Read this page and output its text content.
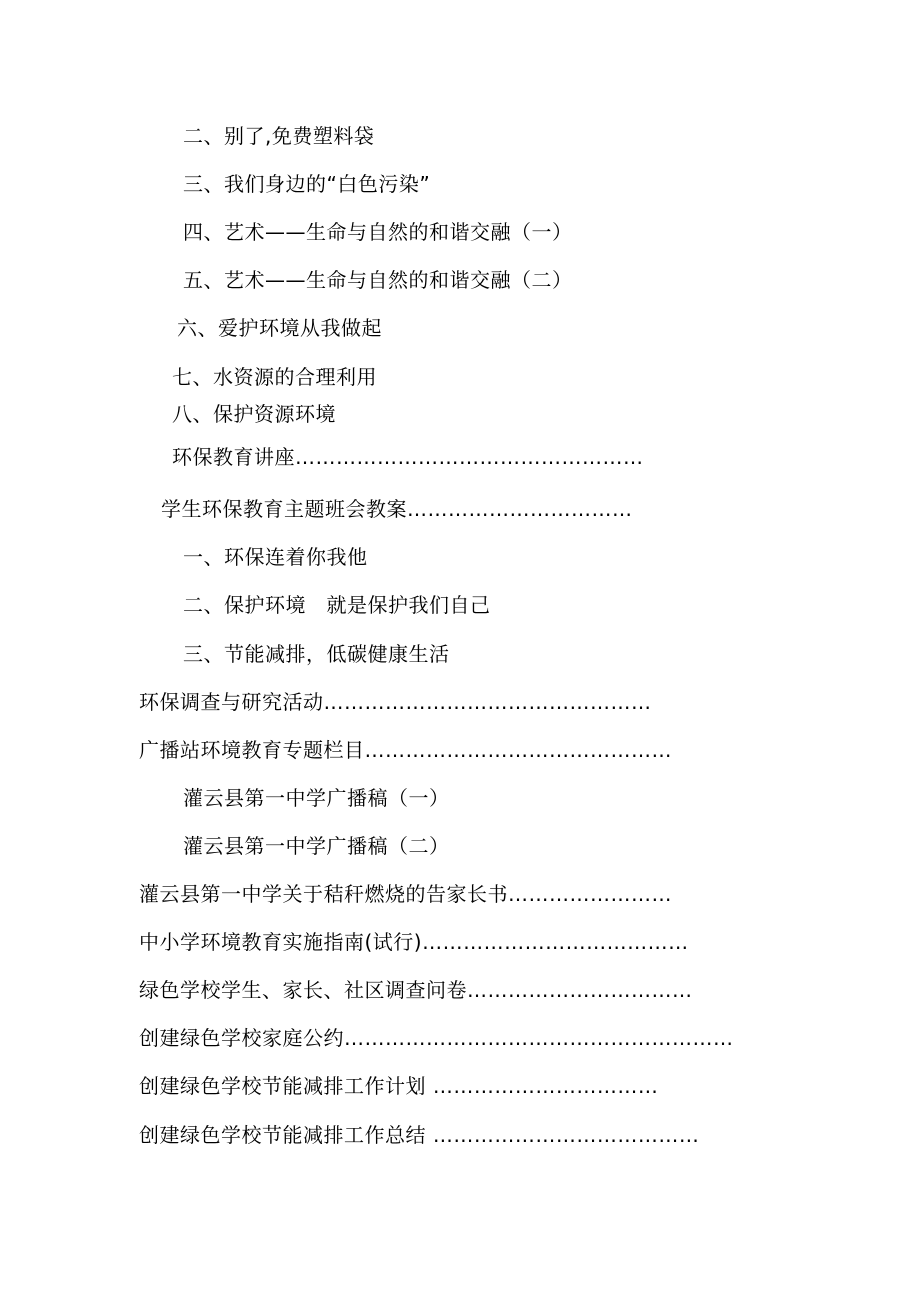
二、别了,免费塑料袋
三、我们身边的“白色污染”
四、艺术——生命与自然的和谐交融（一）
五、艺术——生命与自然的和谐交融（二）
六、爱护环境从我做起
七、水资源的合理利用
八、保护资源环境
环保教育讲座……………………………………………
学生环保教育主题班会教案……………………………
一、环保连着你我他
二、保护环境　就是保护我们自己
三、节能减排，低碳健康生活
环保调查与研究活动…………………………………………
广播站环境教育专题栏目………………………………………
灌云县第一中学广播稿（一）
灌云县第一中学广播稿（二）
灌云县第一中学关于秸秆燃烧的告家长书……………………
中小学环境教育实施指南(试行)…………………………………
绿色学校学生、家长、社区调查问卷……………………………
创建绿色学校家庭公约…………………………………………………
创建绿色学校节能减排工作计划 ……………………………
创建绿色学校节能减排工作总结 …………………………………
